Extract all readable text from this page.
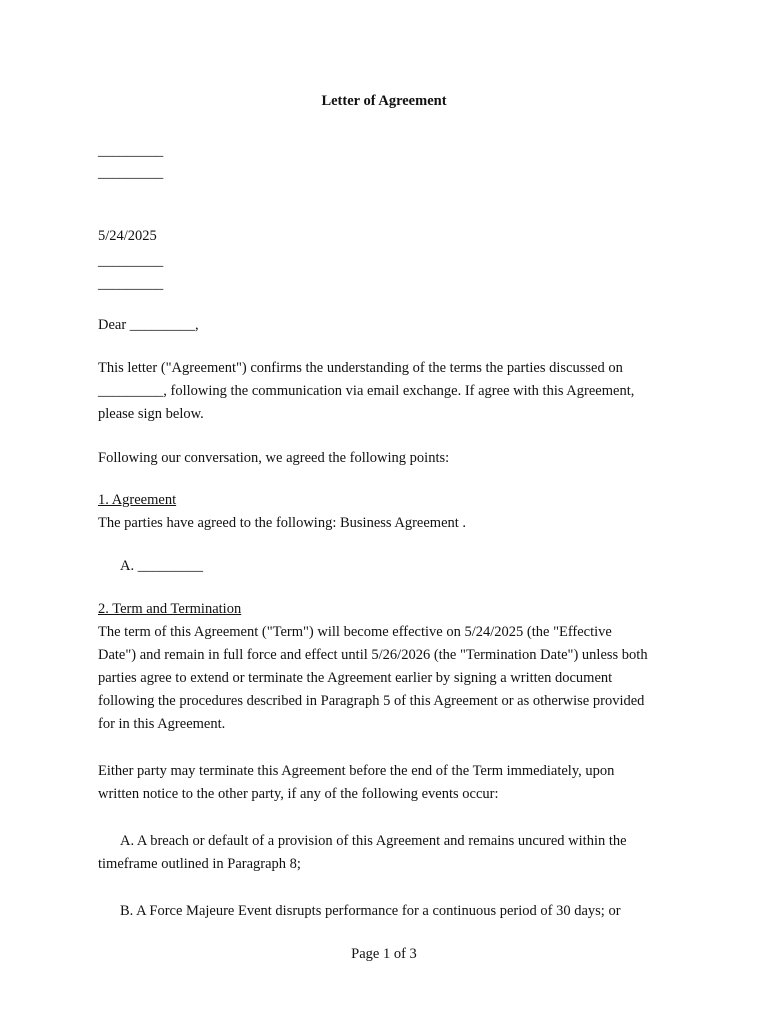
Letter of Agreement
_________
_________
5/24/2025
_________
_________
Dear _________,
This letter ("Agreement") confirms the understanding of the terms the parties discussed on
_________, following the communication via email exchange. If agree with this Agreement,
please sign below.
Following our conversation, we agreed the following points:
1. Agreement
The parties have agreed to the following: Business Agreement .
A. _________
2. Term and Termination
The term of this Agreement ("Term") will become effective on 5/24/2025 (the "Effective
Date") and remain in full force and effect until 5/26/2026 (the "Termination Date") unless both
parties agree to extend or terminate the Agreement earlier by signing a written document
following the procedures described in Paragraph 5 of this Agreement or as otherwise provided
for in this Agreement.
Either party may terminate this Agreement before the end of the Term immediately, upon
written notice to the other party, if any of the following events occur:
A. A breach or default of a provision of this Agreement and remains uncured within the
timeframe outlined in Paragraph 8;
B. A Force Majeure Event disrupts performance for a continuous period of 30 days; or
Page 1 of 3
